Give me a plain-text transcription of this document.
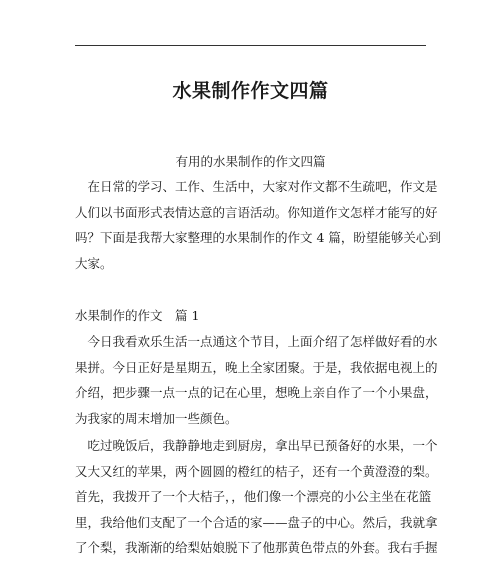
水果制作作文四篇
有用的水果制作的作文四篇
　在日常的学习、工作、生活中，大家对作文都不生疏吧，作文是
人们以书面形式表情达意的言语活动。你知道作文怎样才能写的好
吗？下面是我帮大家整理的水果制作的作文 4 篇，盼望能够关心到
大家。
水果制作的作文　篇 1
　今日我看欢乐生活一点通这个节目，上面介绍了怎样做好看的水
果拼。今日正好是星期五，晚上全家团聚。于是，我依据电视上的
介绍，把步骤一点一点的记在心里，想晚上亲自作了一个小果盘，
为我家的周末增加一些颜色。
　吃过晚饭后，我静静地走到厨房，拿出早已预备好的水果，一个
又大又红的苹果，两个圆圆的橙红的桔子，还有一个黄澄澄的梨。
首先，我拨开了一个大桔子，，他们像一个漂亮的小公主坐在花篮
里，我给他们支配了一个合适的家——盘子的中心。然后，我就拿
了个梨，我渐渐的给梨姑娘脱下了他那黄色带点的外套。我右手握
